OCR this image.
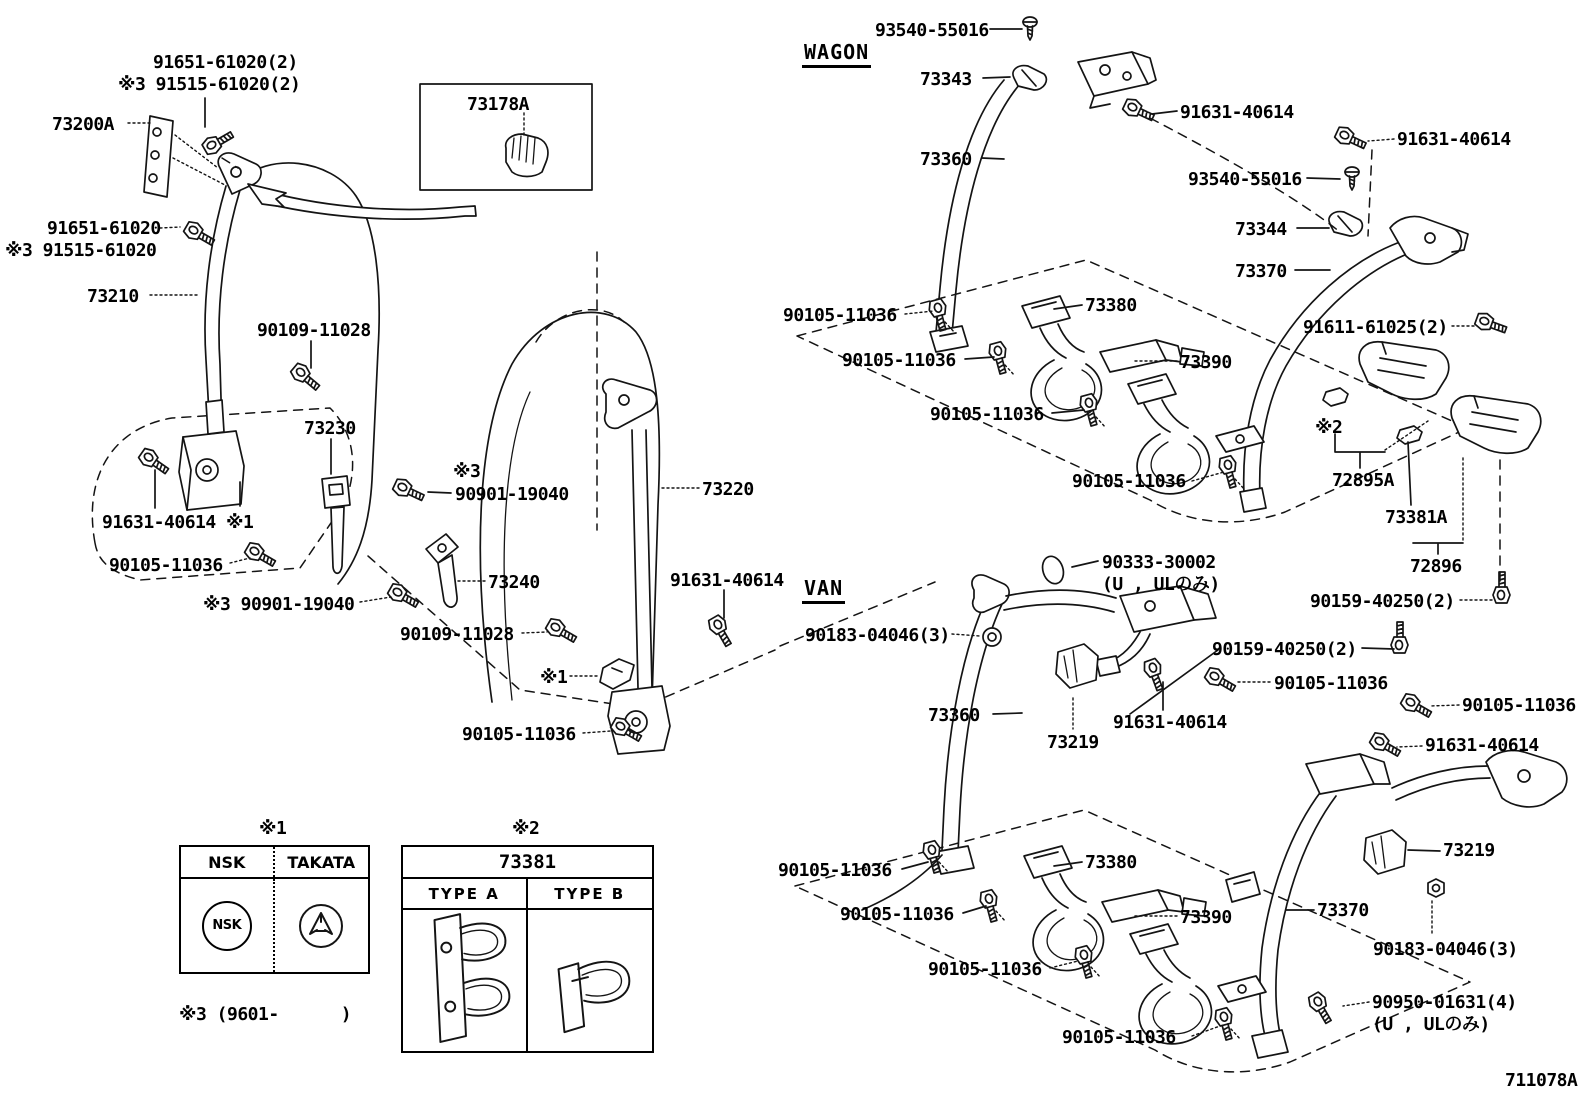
91651-61020(2)
※3 91515-61020(2)
73200A
73178A
91651-61020
※3 91515-61020
73210
90109-11028
73230
※3
90901-19040	73220
91631-40614 ※1
90105-11036
※3 90901-19040
73240	91631-40614
90109-11028
※1
90105-11036
※1	※2
※3 (9601-      )
93540-55016
WAGON
73343
91631-40614
91631-40614
73360
93540-55016
73344
73370
90105-11036	73380
91611-61025(2)
90105-11036	73390
90105-11036
※2
90105-11036	72895A
73381A
72896
90159-40250(2)
90333-30002
(U , ULのみ)
VAN
90183-04046(3)
90159-40250(2)
90105-11036
73360	91631-40614
73219
90105-11036
91631-40614
73219
90105-11036	73380
90105-11036	73390	73370
90183-04046(3)
90105-11036
90950-01631(4)
(U , ULのみ)
90105-11036
711078A
NSK	TAKATA
NSK
73381
TYPE A	TYPE B
